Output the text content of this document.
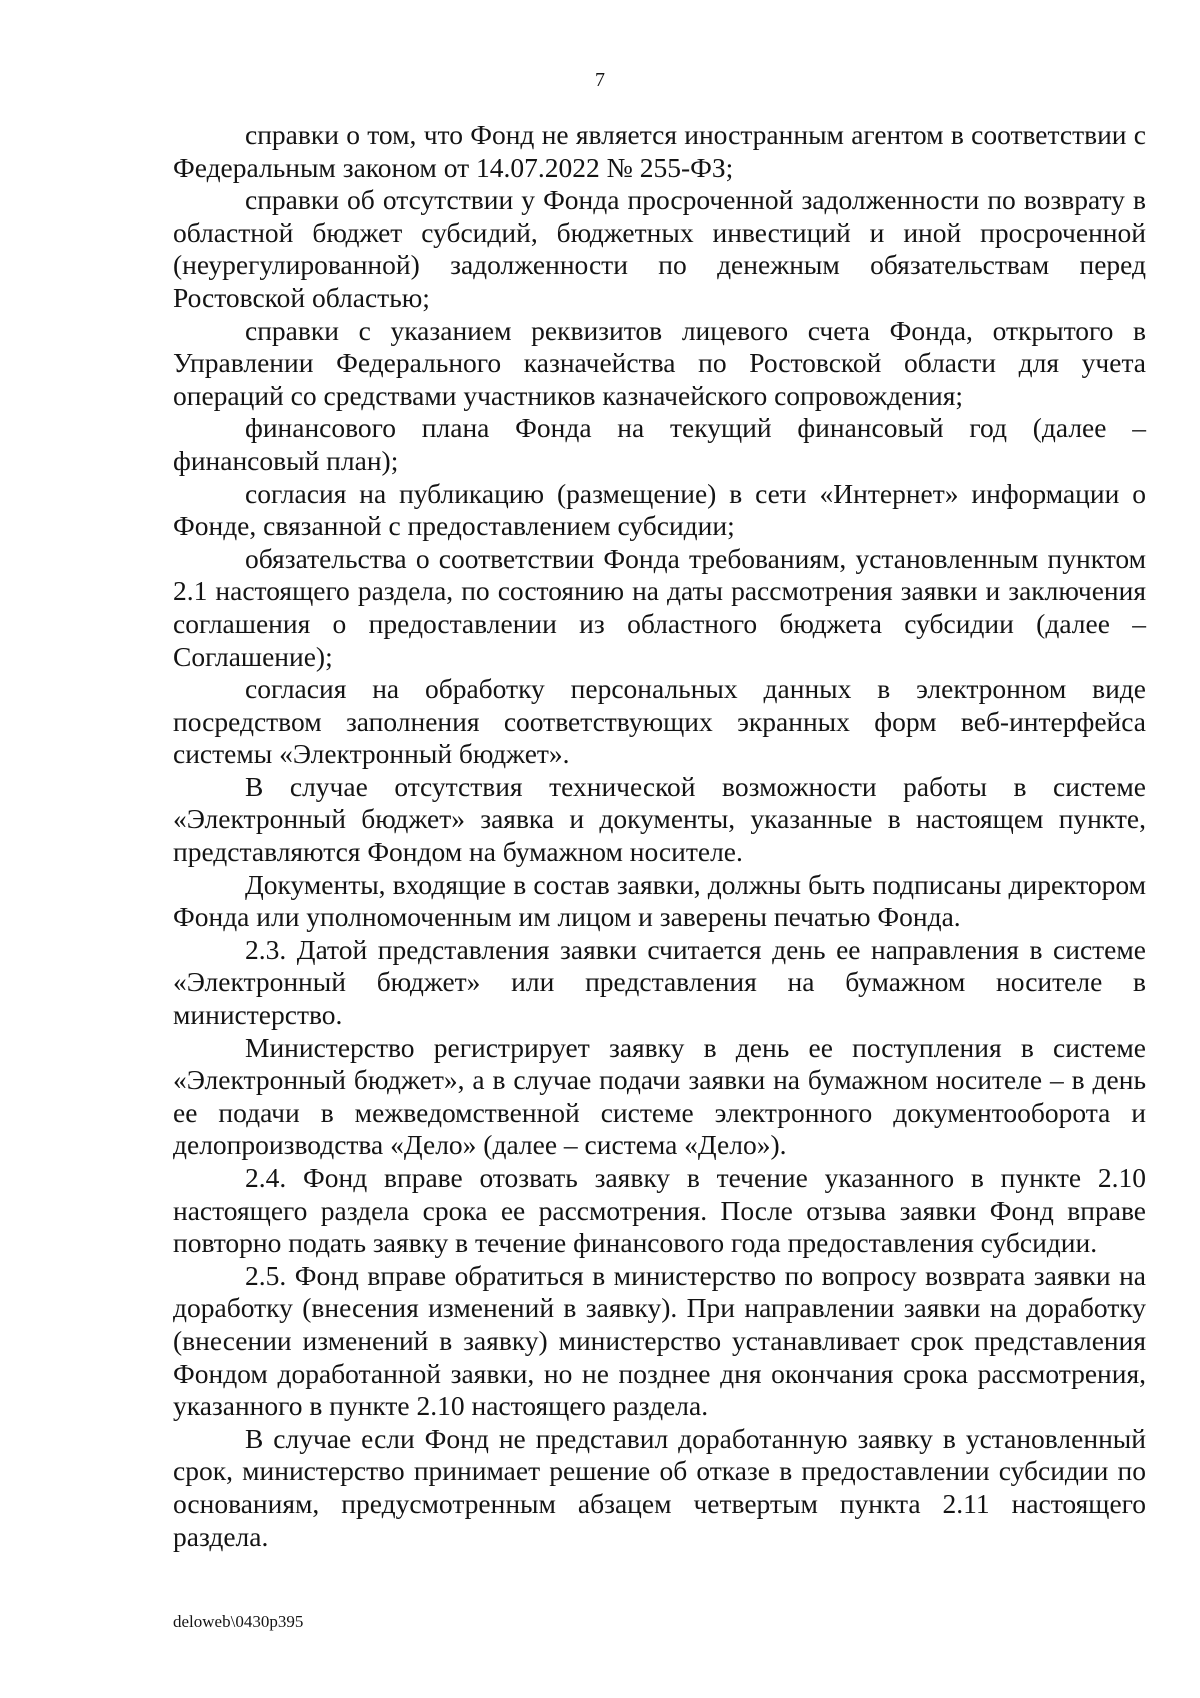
7

справки о том, что Фонд не является иностранным агентом в соответствии с Федеральным законом от 14.07.2022 № 255-ФЗ;

справки об отсутствии у Фонда просроченной задолженности по возврату в областной бюджет субсидий, бюджетных инвестиций и иной просроченной (неурегулированной) задолженности по денежным обязательствам перед Ростовской областью;

справки с указанием реквизитов лицевого счета Фонда, открытого в Управлении Федерального казначейства по Ростовской области для учета операций со средствами участников казначейского сопровождения;

финансового плана Фонда на текущий финансовый год (далее – финансовый план);

согласия на публикацию (размещение) в сети «Интернет» информации о Фонде, связанной с предоставлением субсидии;

обязательства о соответствии Фонда требованиям, установленным пунктом 2.1 настоящего раздела, по состоянию на даты рассмотрения заявки и заключения соглашения о предоставлении из областного бюджета субсидии (далее – Соглашение);

согласия на обработку персональных данных в электронном виде посредством заполнения соответствующих экранных форм веб-интерфейса системы «Электронный бюджет».

В случае отсутствия технической возможности работы в системе «Электронный бюджет» заявка и документы, указанные в настоящем пункте, представляются Фондом на бумажном носителе.

Документы, входящие в состав заявки, должны быть подписаны директором Фонда или уполномоченным им лицом и заверены печатью Фонда.

2.3. Датой представления заявки считается день ее направления в системе «Электронный бюджет» или представления на бумажном носителе в министерство.

Министерство регистрирует заявку в день ее поступления в системе «Электронный бюджет», а в случае подачи заявки на бумажном носителе – в день ее подачи в межведомственной системе электронного документооборота и делопроизводства «Дело» (далее – система «Дело»).

2.4. Фонд вправе отозвать заявку в течение указанного в пункте 2.10 настоящего раздела срока ее рассмотрения. После отзыва заявки Фонд вправе повторно подать заявку в течение финансового года предоставления субсидии.

2.5. Фонд вправе обратиться в министерство по вопросу возврата заявки на доработку (внесения изменений в заявку). При направлении заявки на доработку (внесении изменений в заявку) министерство устанавливает срок представления Фондом доработанной заявки, но не позднее дня окончания срока рассмотрения, указанного в пункте 2.10 настоящего раздела.

В случае если Фонд не представил доработанную заявку в установленный срок, министерство принимает решение об отказе в предоставлении субсидии по основаниям, предусмотренным абзацем четвертым пункта 2.11 настоящего раздела.

deloweb\0430p395
